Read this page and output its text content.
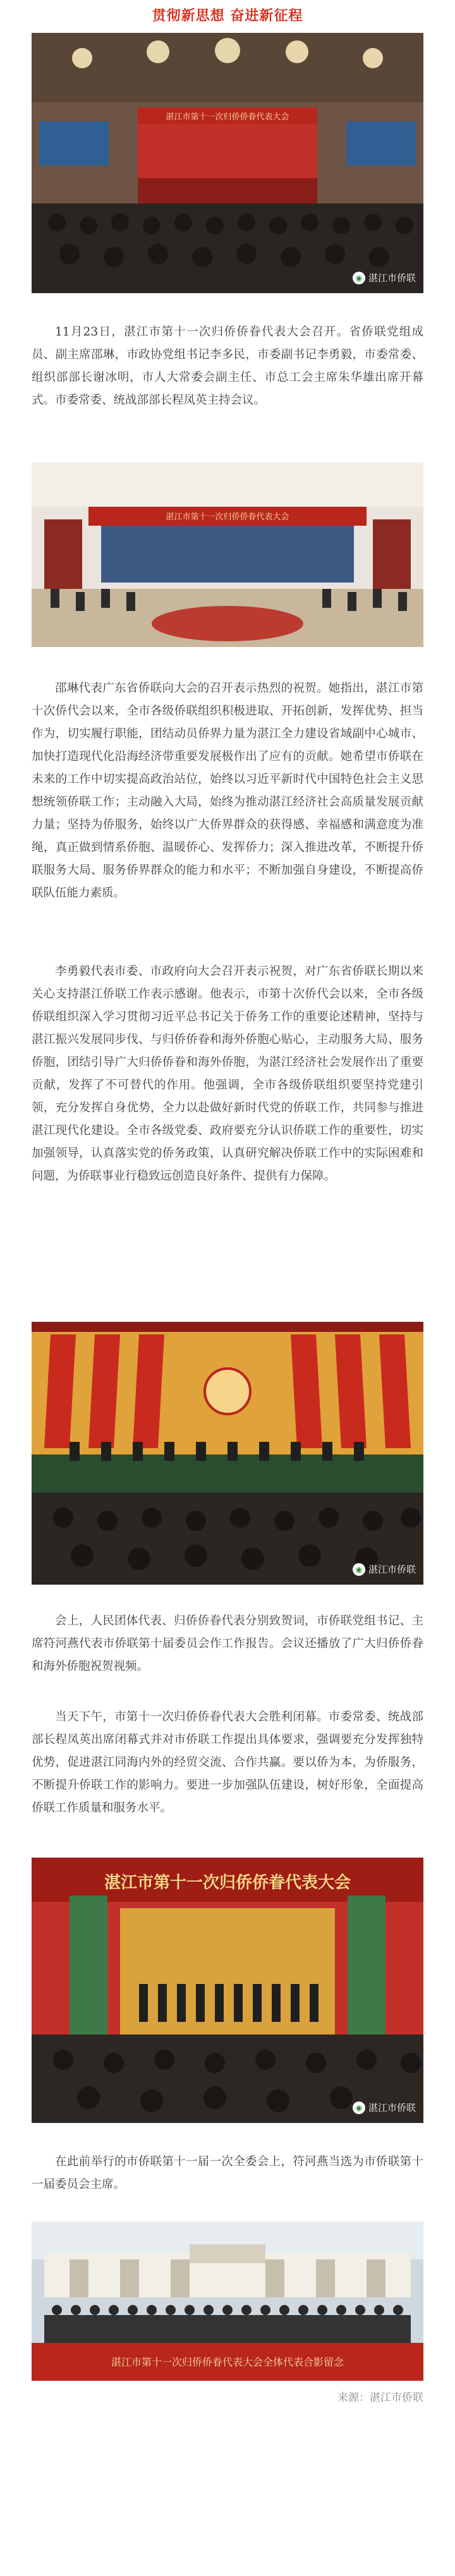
贯彻新思想 奋进新征程
湛江市第十一次归侨侨眷代表大会
◉ 湛江市侨联
11月23日，湛江市第十一次归侨侨眷代表大会召开。省侨联党组成员、副主席邵琳，市政协党组书记李多民，市委副书记李勇毅，市委常委、组织部部长谢冰明，市人大常委会副主任、市总工会主席朱华雄出席开幕式。市委常委、统战部部长程凤英主持会议。
湛江市第十一次归侨侨眷代表大会
邵琳代表广东省侨联向大会的召开表示热烈的祝贺。她指出，湛江市第十次侨代会以来，全市各级侨联组织积极进取、开拓创新，发挥优势、担当作为，切实履行职能，团结动员侨界力量为湛江全力建设省域副中心城市、加快打造现代化沿海经济带重要发展极作出了应有的贡献。她希望市侨联在未来的工作中切实提高政治站位，始终以习近平新时代中国特色社会主义思想统领侨联工作；主动融入大局，始终为推动湛江经济社会高质量发展贡献力量；坚持为侨服务，始终以广大侨界群众的获得感、幸福感和满意度为准绳，真正做到情系侨胞、温暖侨心、发挥侨力；深入推进改革，不断提升侨联服务大局、服务侨界群众的能力和水平；不断加强自身建设，不断提高侨联队伍能力素质。
李勇毅代表市委、市政府向大会召开表示祝贺，对广东省侨联长期以来关心支持湛江侨联工作表示感谢。他表示，市第十次侨代会以来，全市各级侨联组织深入学习贯彻习近平总书记关于侨务工作的重要论述精神，坚持与湛江振兴发展同步伐、与归侨侨眷和海外侨胞心贴心，主动服务大局、服务侨胞，团结引导广大归侨侨眷和海外侨胞，为湛江经济社会发展作出了重要贡献，发挥了不可替代的作用。他强调，全市各级侨联组织要坚持党建引领，充分发挥自身优势，全力以赴做好新时代党的侨联工作，共同参与推进湛江现代化建设。全市各级党委、政府要充分认识侨联工作的重要性，切实加强领导，认真落实党的侨务政策，认真研究解决侨联工作中的实际困难和问题，为侨联事业行稳致远创造良好条件、提供有力保障。
◉ 湛江市侨联
会上，人民团体代表、归侨侨眷代表分别致贺词，市侨联党组书记、主席符河燕代表市侨联第十届委员会作工作报告。会议还播放了广大归侨侨眷和海外侨胞祝贺视频。
当天下午，市第十一次归侨侨眷代表大会胜利闭幕。市委常委、统战部部长程凤英出席闭幕式并对市侨联工作提出具体要求，强调要充分发挥独特优势，促进湛江同海内外的经贸交流、合作共赢。要以侨为本，为侨服务，不断提升侨联工作的影响力。要进一步加强队伍建设，树好形象，全面提高侨联工作质量和服务水平。
湛江市第十一次归侨侨眷代表大会
◉ 湛江市侨联
在此前举行的市侨联第十一届一次全委会上，符河燕当选为市侨联第十一届委员会主席。
湛江市第十一次归侨侨眷代表大会全体代表合影留念
来源：湛江市侨联
